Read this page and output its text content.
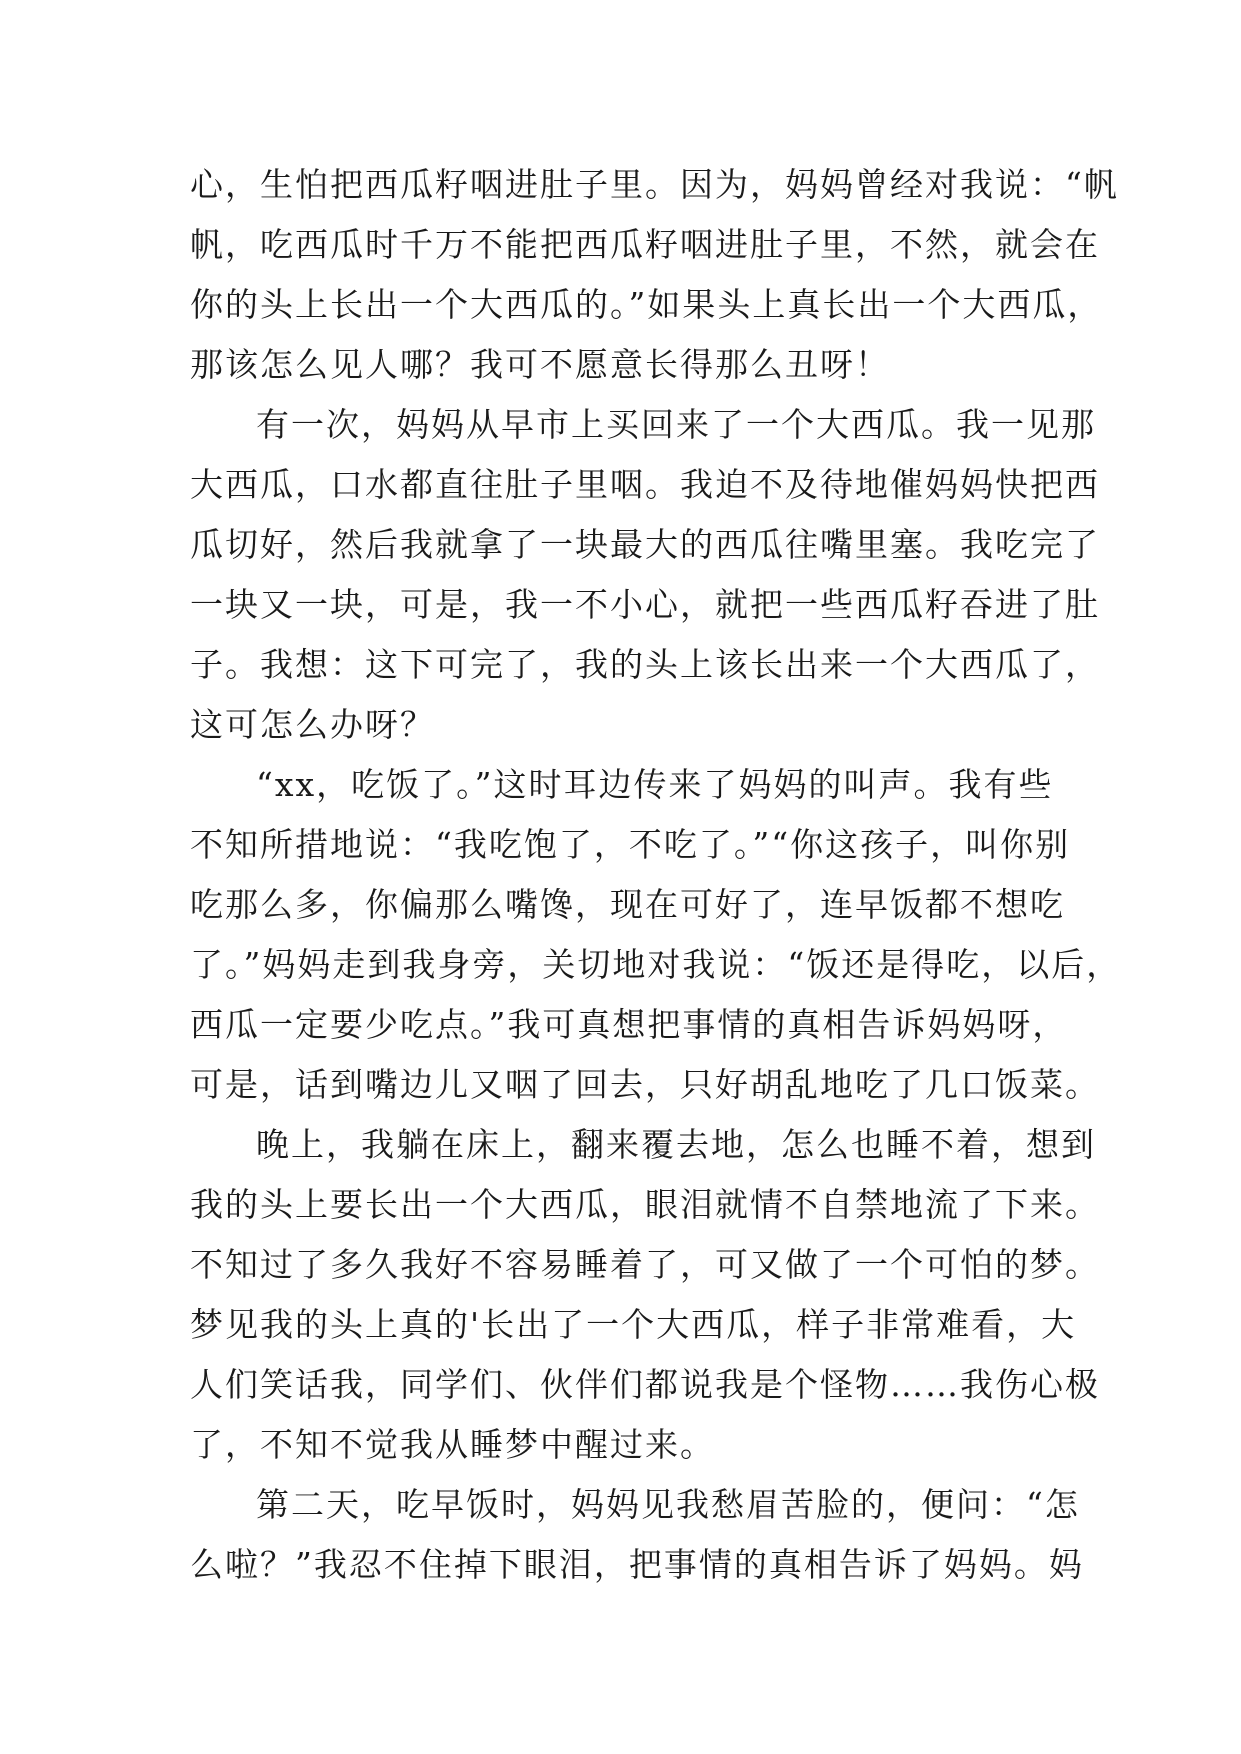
心，生怕把西瓜籽咽进肚子里。因为，妈妈曾经对我说：“帆
帆，吃西瓜时千万不能把西瓜籽咽进肚子里，不然，就会在
你的头上长出一个大西瓜的。”如果头上真长出一个大西瓜，
那该怎么见人哪？我可不愿意长得那么丑呀！
有一次，妈妈从早市上买回来了一个大西瓜。我一见那
大西瓜，口水都直往肚子里咽。我迫不及待地催妈妈快把西
瓜切好，然后我就拿了一块最大的西瓜往嘴里塞。我吃完了
一块又一块，可是，我一不小心，就把一些西瓜籽吞进了肚
子。我想：这下可完了，我的头上该长出来一个大西瓜了，
这可怎么办呀？
“xx，吃饭了。”这时耳边传来了妈妈的叫声。我有些
不知所措地说：“我吃饱了，不吃了。”“你这孩子，叫你别
吃那么多，你偏那么嘴馋，现在可好了，连早饭都不想吃
了。”妈妈走到我身旁，关切地对我说：“饭还是得吃，以后，
西瓜一定要少吃点。”我可真想把事情的真相告诉妈妈呀，
可是，话到嘴边儿又咽了回去，只好胡乱地吃了几口饭菜。
晚上，我躺在床上，翻来覆去地，怎么也睡不着，想到
我的头上要长出一个大西瓜，眼泪就情不自禁地流了下来。
不知过了多久我好不容易睡着了，可又做了一个可怕的梦。
梦见我的头上真的'长出了一个大西瓜，样子非常难看，大
人们笑话我，同学们、伙伴们都说我是个怪物……我伤心极
了，不知不觉我从睡梦中醒过来。
第二天，吃早饭时，妈妈见我愁眉苦脸的，便问：“怎
么啦？”我忍不住掉下眼泪，把事情的真相告诉了妈妈。妈
